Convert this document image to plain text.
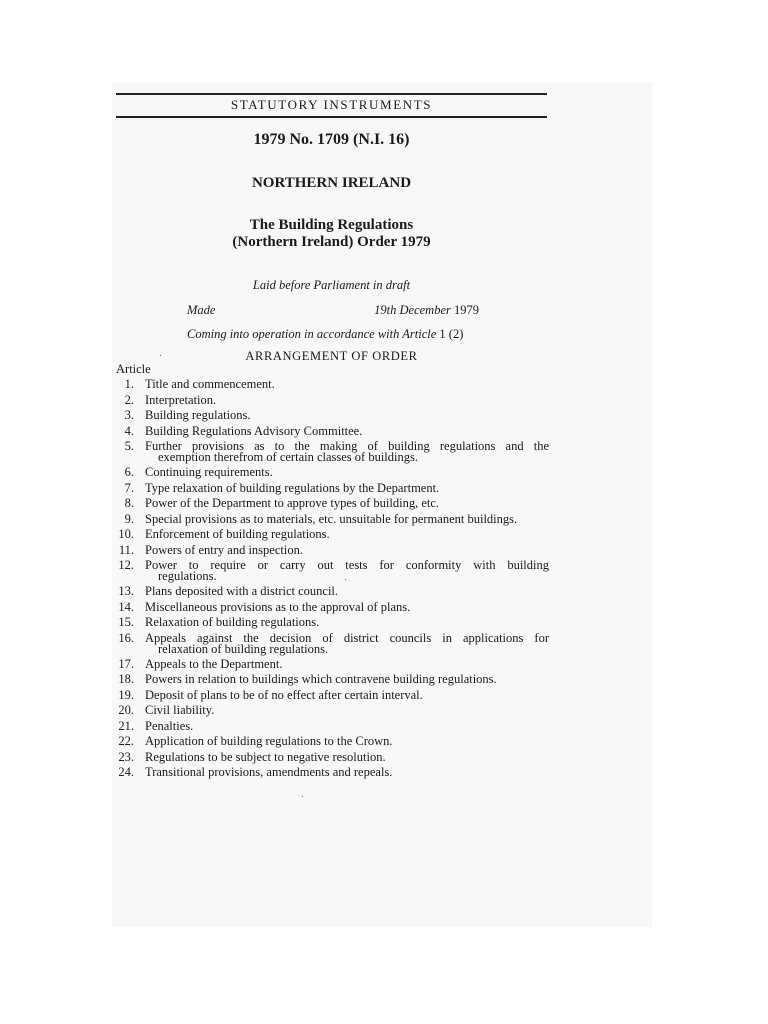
STATUTORY INSTRUMENTS
1979 No. 1709 (N.I. 16)
NORTHERN IRELAND
The Building Regulations
(Northern Ireland) Order 1979
Laid before Parliament in draft
Made	19th December 1979
Coming into operation in accordance with Article 1 (2)
ARRANGEMENT OF ORDER
Article
1. Title and commencement.
2. Interpretation.
3. Building regulations.
4. Building Regulations Advisory Committee.
5. Further provisions as to the making of building regulations and the
exemption therefrom of certain classes of buildings.
6. Continuing requirements.
7. Type relaxation of building regulations by the Department.
8. Power of the Department to approve types of building, etc.
9. Special provisions as to materials, etc. unsuitable for permanent buildings.
10. Enforcement of building regulations.
11. Powers of entry and inspection.
12. Power to require or carry out tests for conformity with building
regulations.
13. Plans deposited with a district council.
14. Miscellaneous provisions as to the approval of plans.
15. Relaxation of building regulations.
16. Appeals against the decision of district councils in applications for
relaxation of building regulations.
17. Appeals to the Department.
18. Powers in relation to buildings which contravene building regulations.
19. Deposit of plans to be of no effect after certain interval.
20. Civil liability.
21. Penalties.
22. Application of building regulations to the Crown.
23. Regulations to be subject to negative resolution.
24. Transitional provisions, amendments and repeals.
